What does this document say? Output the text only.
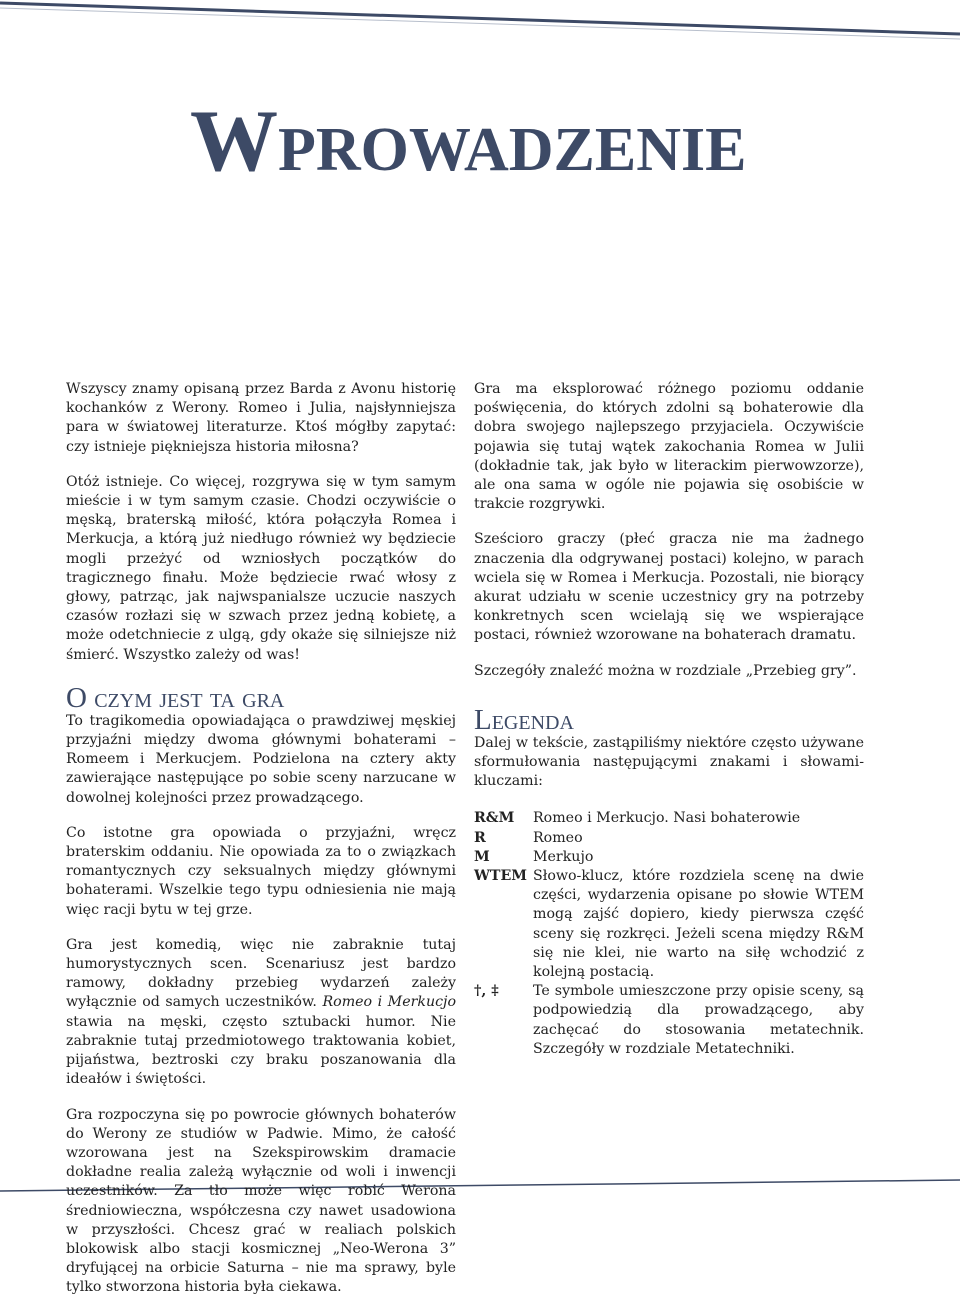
Wprowadzenie

Wszyscy znamy opisaną przez Barda z Avonu historię kochanków z Werony. Romeo i Julia, najsłynniejsza para w światowej literaturze. Ktoś mógłby zapytać: czy istnieje piękniejsza historia miłosna?

Otóż istnieje. Co więcej, rozgrywa się w tym samym mieście i w tym samym czasie. Chodzi oczywiście o męską, braterską miłość, która połączyła Romea i Merkucja, a którą już niedługo również wy będziecie mogli przeżyć od wzniosłych początków do tragicznego finału. Może będziecie rwać włosy z głowy, patrząc, jak najwspanialsze uczucie naszych czasów rozłazi się w szwach przez jedną kobietę, a może odetchniecie z ulgą, gdy okaże się silniejsze niż śmierć. Wszystko zależy od was!

O czym jest ta gra

To tragikomedia opowiadająca o prawdziwej męskiej przyjaźni między dwoma głównymi bohaterami – Romeem i Merkucjem. Podzielona na cztery akty zawierające następujące po sobie sceny narzucane w dowolnej kolejności przez prowadzącego.

Co istotne gra opowiada o przyjaźni, wręcz braterskim oddaniu. Nie opowiada za to o związkach romantycznych czy seksualnych między głównymi bohaterami. Wszelkie tego typu odniesienia nie mają więc racji bytu w tej grze.

Gra jest komedią, więc nie zabraknie tutaj humorystycznych scen. Scenariusz jest bardzo ramowy, dokładny przebieg wydarzeń zależy wyłącznie od samych uczestników. Romeo i Merkucjo stawia na męski, często sztubacki humor. Nie zabraknie tutaj przedmiotowego traktowania kobiet, pijaństwa, beztroski czy braku poszanowania dla ideałów i świętości.

Gra rozpoczyna się po powrocie głównych bohaterów do Werony ze studiów w Padwie. Mimo, że całość wzorowana jest na Szekspirowskim dramacie dokładne realia zależą wyłącznie od woli i inwencji uczestników. Za tło może więc robić Werona średniowieczna, współczesna czy nawet usadowiona w przyszłości. Chcesz grać w realiach polskich blokowisk albo stacji kosmicznej „Neo-Werona 3” dryfującej na orbicie Saturna – nie ma sprawy, byle tylko stworzona historia była ciekawa.

Gra ma eksplorować różnego poziomu oddanie poświęcenia, do których zdolni są bohaterowie dla dobra swojego najlepszego przyjaciela. Oczywiście pojawia się tutaj wątek zakochania Romea w Julii (dokładnie tak, jak było w literackim pierwowzorze), ale ona sama w ogóle nie pojawia się osobiście w trakcie rozgrywki.

Sześcioro graczy (płeć gracza nie ma żadnego znaczenia dla odgrywanej postaci) kolejno, w parach wciela się w Romea i Merkucja. Pozostali, nie biorący akurat udziału w scenie uczestnicy gry na potrzeby konkretnych scen wcielają się we wspierające postaci, również wzorowane na bohaterach dramatu.

Szczegóły znaleźć można w rozdziale „Przebieg gry”.

Legenda

Dalej w tekście, zastąpiliśmy niektóre często używane sformułowania następującymi znakami i słowami-kluczami:

R&M	Romeo i Merkucjo. Nasi bohaterowie
R	Romeo
M	Merkujo
WTEM Słowo-klucz, które rozdziela scenę na dwie części, wydarzenia opisane po słowie WTEM mogą zajść dopiero, kiedy pierwsza część sceny się rozkręci. Jeżeli scena między R&M się nie klei, nie warto na siłę wchodzić z kolejną postacią.
†, ‡	Te symbole umieszczone przy opisie sceny, są podpowiedzią dla prowadzącego, aby zachęcać do stosowania metatechnik. Szczegóły w rozdziale Metatechniki.
